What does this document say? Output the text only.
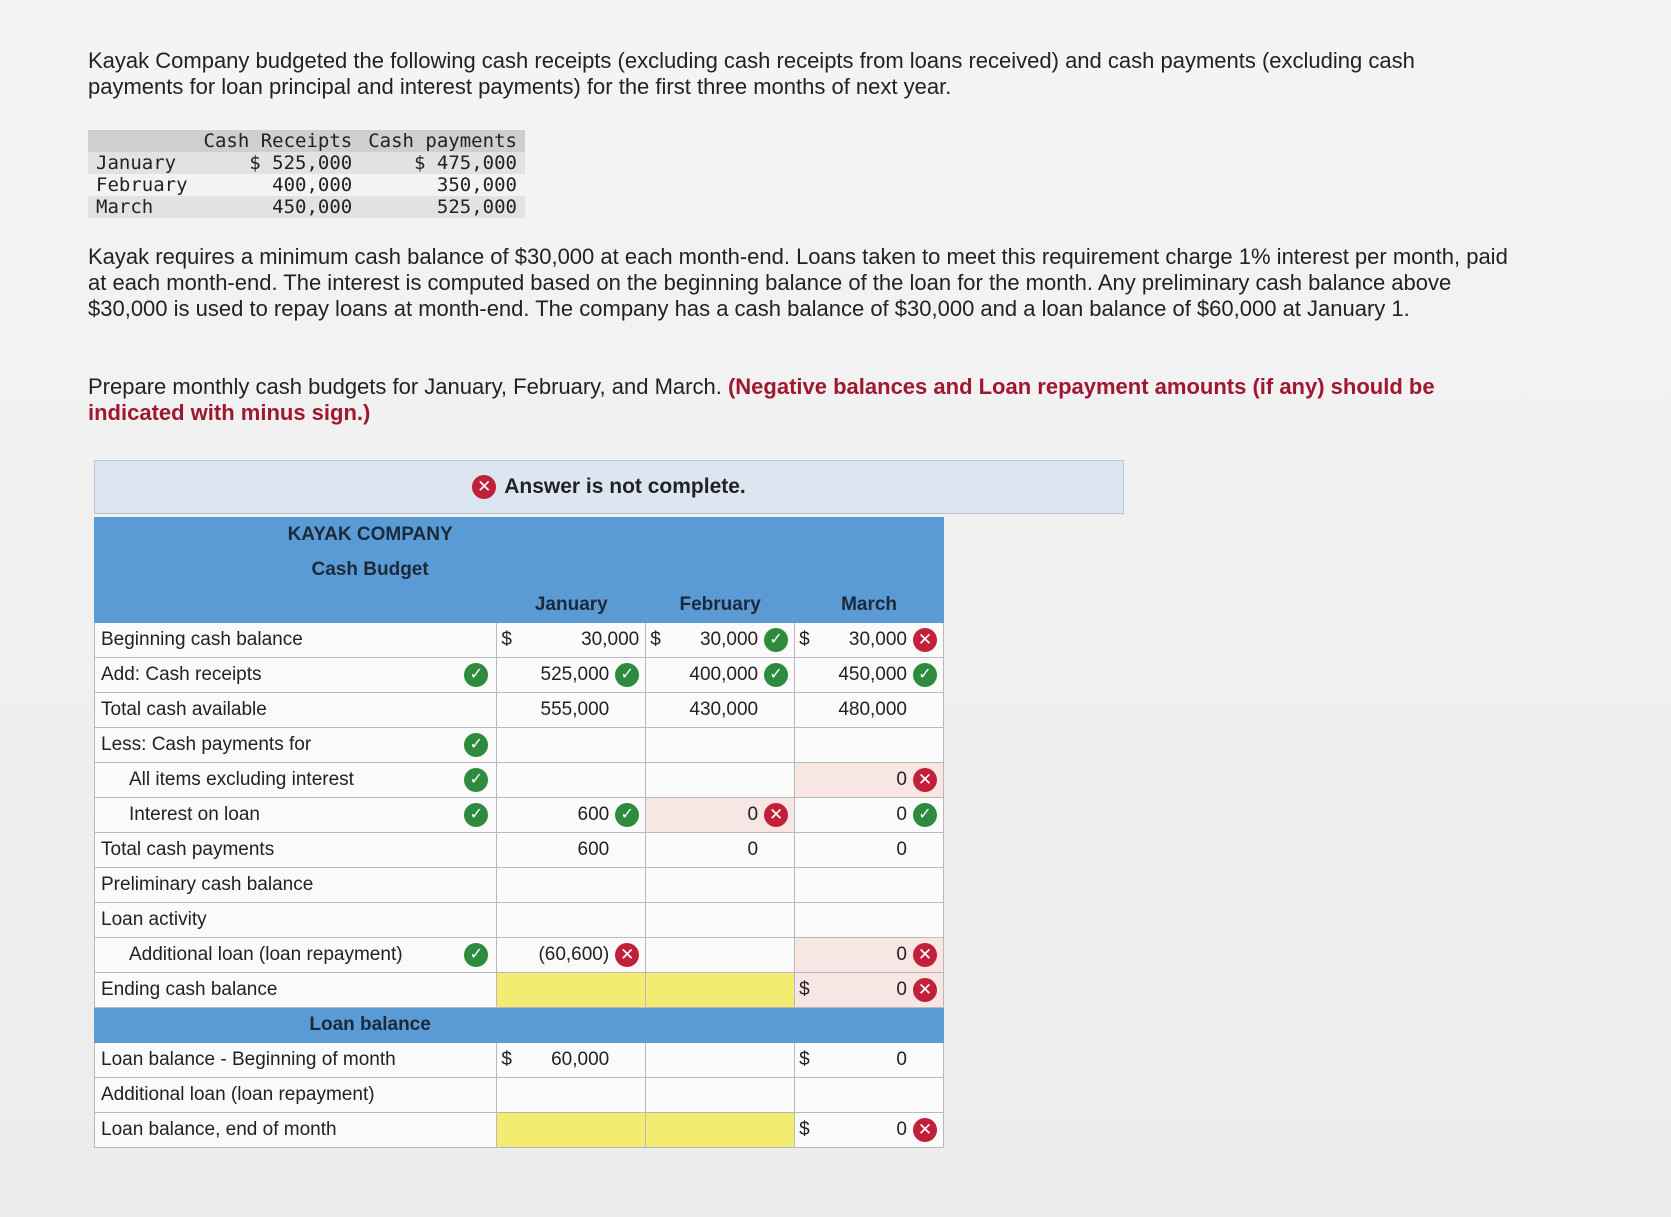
Kayak Company budgeted the following cash receipts (excluding cash receipts from loans received) and cash payments (excluding cash payments for loan principal and interest payments) for the first three months of next year.
	Cash Receipts	Cash payments
January	$ 525,000	$ 475,000
February	400,000	350,000
March	450,000	525,000
Kayak requires a minimum cash balance of $30,000 at each month-end. Loans taken to meet this requirement charge 1% interest per month, paid at each month-end. The interest is computed based on the beginning balance of the loan for the month. Any preliminary cash balance above $30,000 is used to repay loans at month-end. The company has a cash balance of $30,000 and a loan balance of $60,000 at January 1.
Prepare monthly cash budgets for January, February, and March. (Negative balances and Loan repayment amounts (if any) should be indicated with minus sign.)
✕ Answer is not complete.
KAYAK COMPANY			
Cash Budget			
	January	February	March
Beginning cash balance	$ 30,000	$ 30,000 ✓	$ 30,000 ✕

Add: Cash receipts ✓	525,000 ✓	400,000 ✓	450,000 ✓

Total cash available	555,000	430,000	480,000

Less: Cash payments for ✓			

All items excluding interest ✓			0 ✕

Interest on loan ✓	600 ✓	0 ✕	0 ✓

Total cash payments	600	0	0

Preliminary cash balance			
Loan activity			

Additional loan (loan repayment) ✓	(60,600) ✕		0 ✕

Ending cash balance			$ 0 ✕

Loan balance			
Loan balance - Beginning of month	$ 60,000		$ 0

Additional loan (loan repayment)			
Loan balance, end of month			$ 0 ✕
